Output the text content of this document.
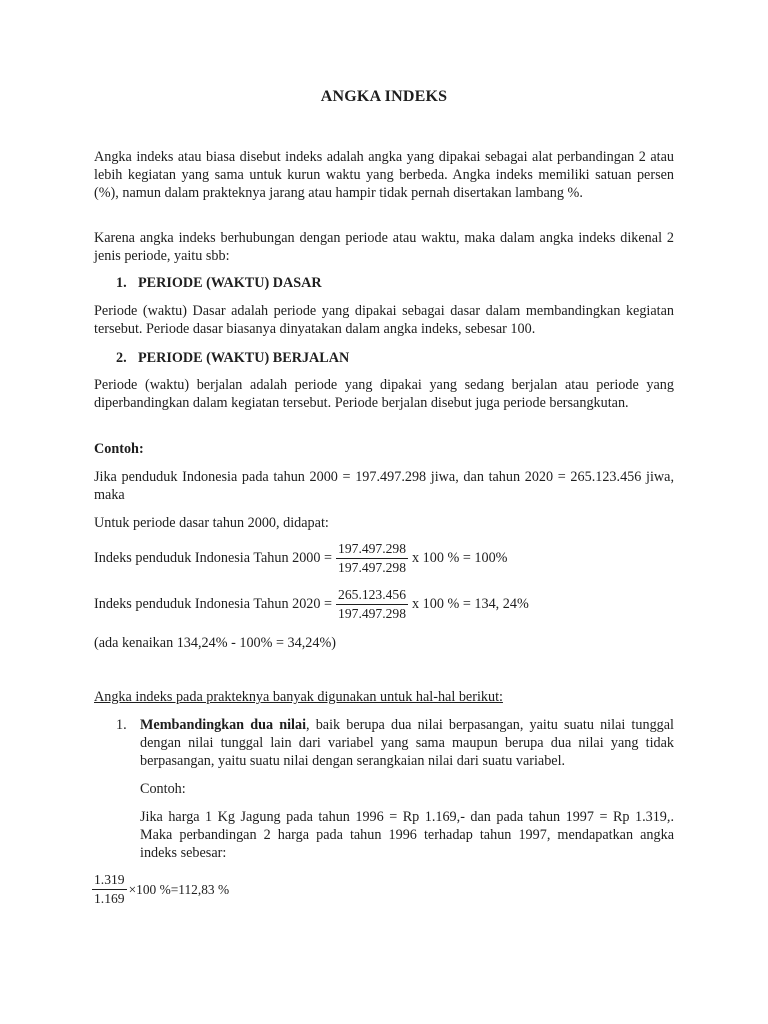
ANGKA INDEKS
Angka indeks atau biasa disebut indeks adalah angka yang dipakai sebagai alat perbandingan 2 atau lebih kegiatan yang sama untuk kurun waktu yang berbeda. Angka indeks memiliki satuan persen (%), namun dalam prakteknya jarang atau hampir tidak pernah disertakan lambang %.
Karena angka indeks berhubungan dengan periode atau waktu, maka dalam angka indeks dikenal 2 jenis periode, yaitu sbb:
1. PERIODE (WAKTU) DASAR
Periode (waktu) Dasar adalah periode yang dipakai sebagai dasar dalam membandingkan kegiatan tersebut. Periode dasar biasanya dinyatakan dalam angka indeks, sebesar 100.
2. PERIODE (WAKTU) BERJALAN
Periode (waktu) berjalan adalah periode yang dipakai yang sedang berjalan atau periode yang diperbandingkan dalam kegiatan tersebut. Periode berjalan disebut juga periode bersangkutan.
Contoh:
Jika penduduk Indonesia pada tahun 2000 = 197.497.298 jiwa, dan tahun 2020 = 265.123.456 jiwa, maka
Untuk periode dasar tahun 2000, didapat:
Indeks penduduk Indonesia Tahun $2000 = \frac{197.497.298}{197.497.298}$ x 100 % = 100%
Indeks penduduk Indonesia Tahun $2020 = \frac{265.123.456}{197.497.298}$ x 100 % = 134, 24%
(ada kenaikan 134,24% - 100% = 34,24%)
Angka indeks pada prakteknya banyak digunakan untuk hal-hal berikut:
1. Membandingkan dua nilai, baik berupa dua nilai berpasangan, yaitu suatu nilai tunggal dengan nilai tunggal lain dari variabel yang sama maupun berupa dua nilai yang tidak berpasangan, yaitu suatu nilai dengan serangkaian nilai dari suatu variabel.
Contoh:
Jika harga 1 Kg Jagung pada tahun 1996 = Rp 1.169,- dan pada tahun 1997 = Rp 1.319,. Maka perbandingan 2 harga pada tahun 1996 terhadap tahun 1997, mendapatkan angka indeks sebesar:
$\frac{1.319}{1.169} \times 100$ %=112,83 %
